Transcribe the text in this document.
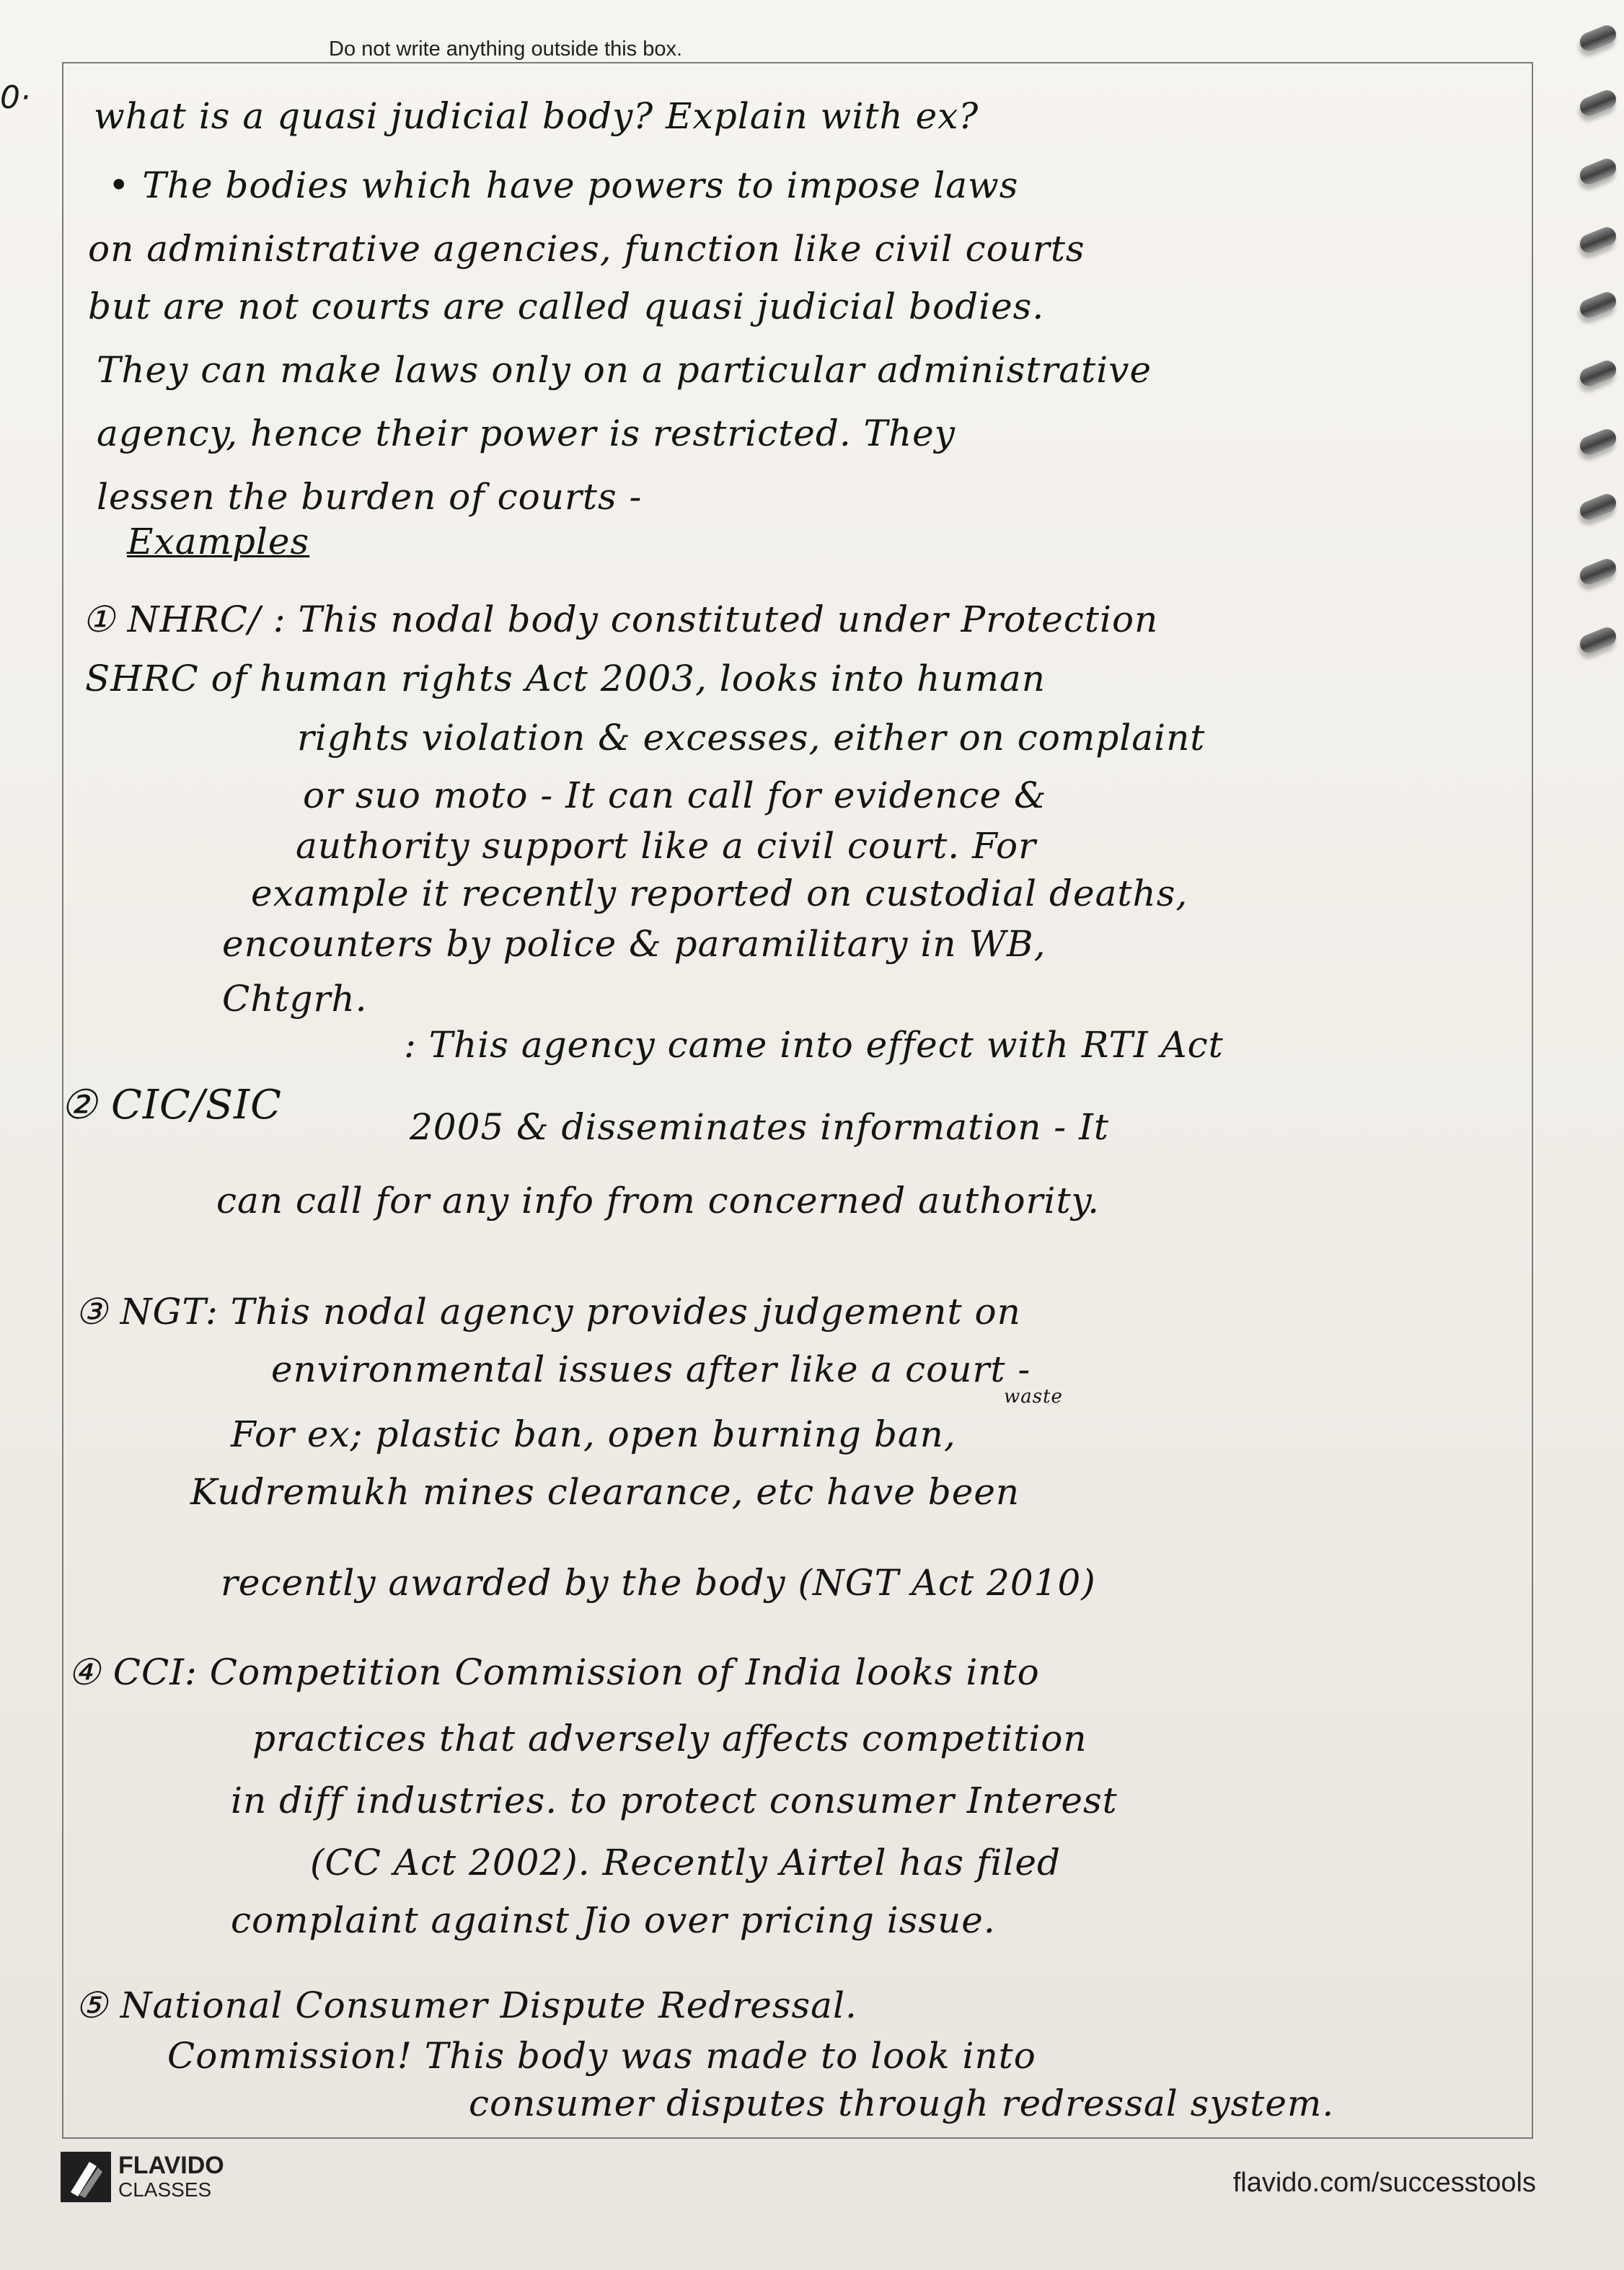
0·
Do not write anything outside this box.
what is a quasi judicial body? Explain with ex?
• The bodies which have powers to impose laws
on administrative agencies, function like civil courts
but are not courts are called quasi judicial bodies.
They can make laws only on a particular administrative
agency, hence their power is restricted. They
lessen the burden of courts -
Examples
① NHRC/ : This nodal body constituted under Protection
SHRC of human rights Act 2003, looks into human
rights violation & excesses, either on complaint
or suo moto - It can call for evidence &
authority support like a civil court. For
example it recently reported on custodial deaths,
encounters by police & paramilitary in WB,
Chtgrh.
: This agency came into effect with RTI Act
② CIC/SIC	2005 & disseminates information - It
can call for any info from concerned authority.
③ NGT: This nodal agency provides judgement on
environmental issues after like a court -
waste
For ex; plastic ban, open burning ban,
Kudremukh mines clearance, etc have been
recently awarded by the body (NGT Act 2010)
④ CCI: Competition Commission of India looks into
practices that adversely affects competition
in diff industries. to protect consumer Interest
(CC Act 2002). Recently Airtel has filed
complaint against Jio over pricing issue.
⑤ National Consumer Dispute Redressal.
Commission! This body was made to look into
consumer disputes through redressal system.
FLAVIDO
CLASSES	flavido.com/successtools
